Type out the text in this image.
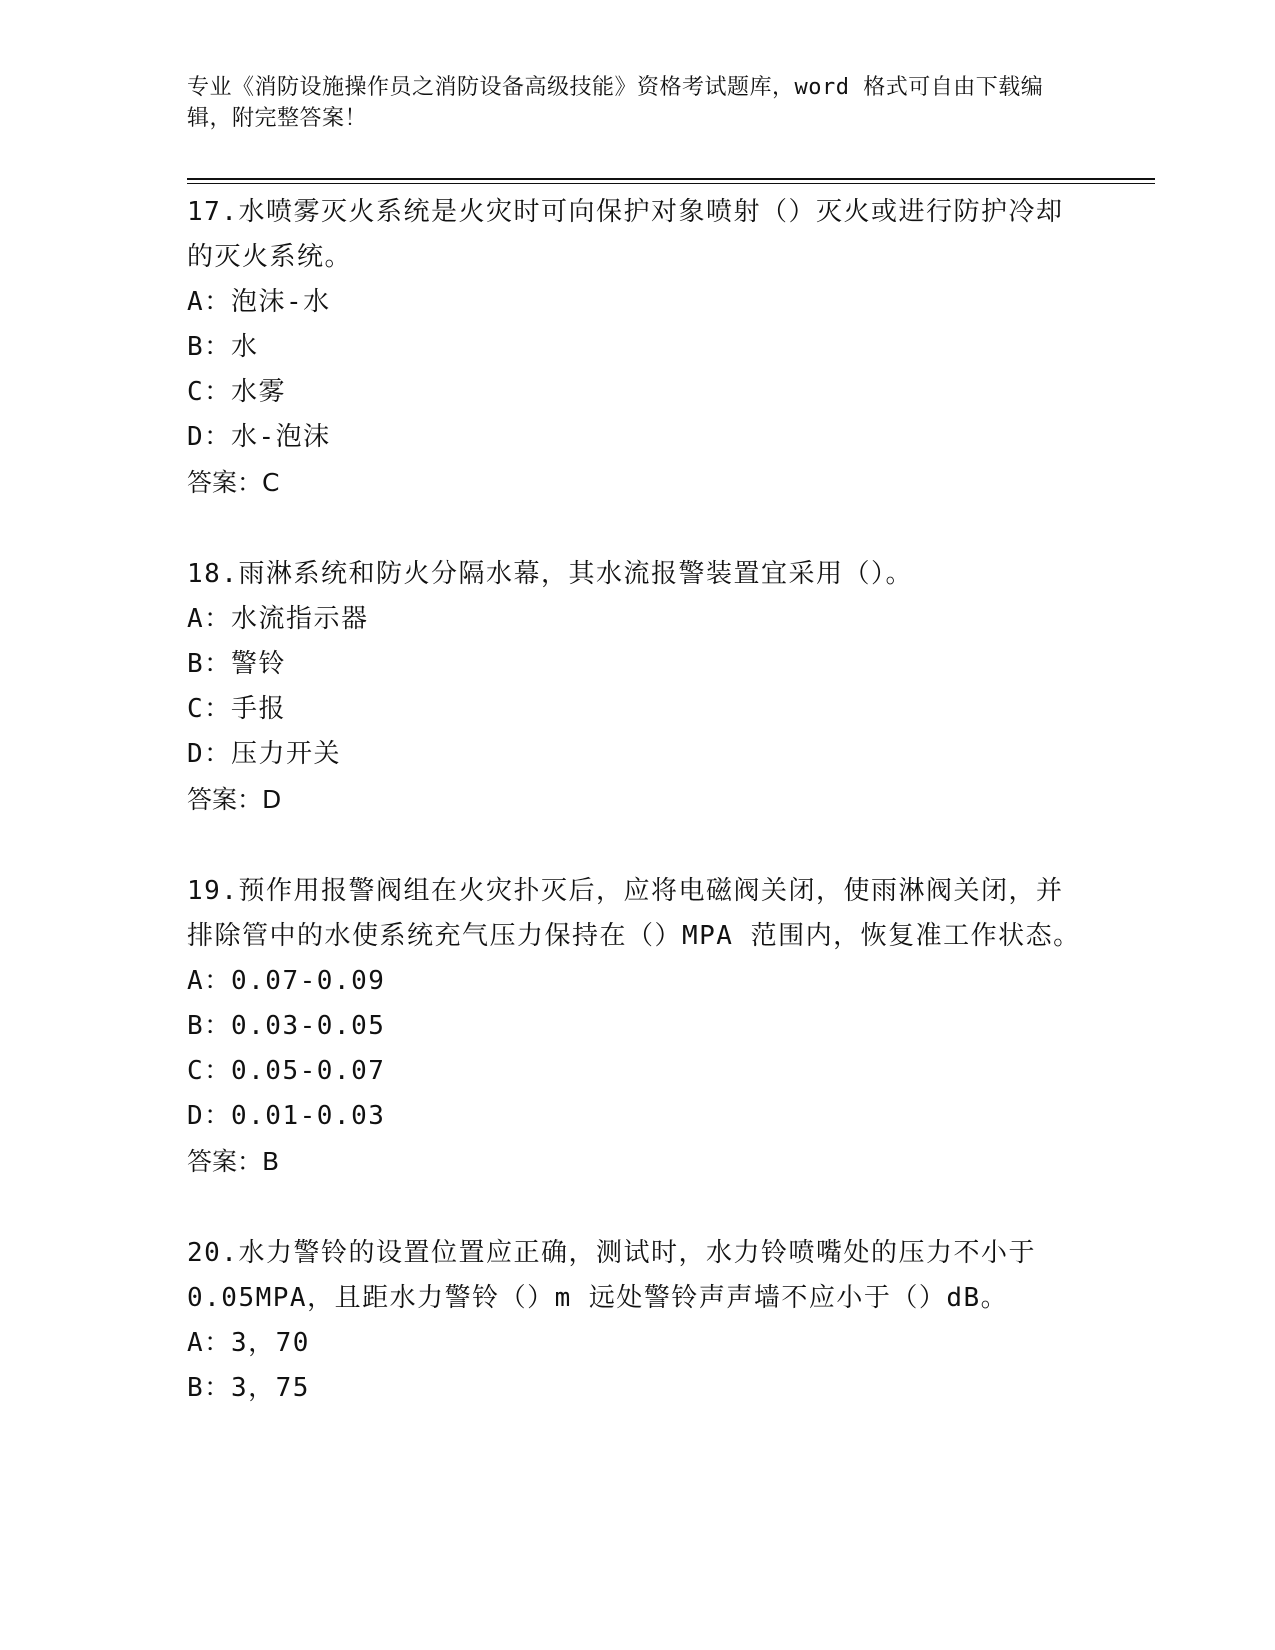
专业《消防设施操作员之消防设备高级技能》资格考试题库，word 格式可自由下载编辑，附完整答案！
17.水喷雾灭火系统是火灾时可向保护对象喷射（）灭火或进行防护冷却的灭火系统。
A：泡沫-水
B：水
C：水雾
D：水-泡沫
答案：C
18.雨淋系统和防火分隔水幕，其水流报警装置宜采用（）。
A：水流指示器
B：警铃
C：手报
D：压力开关
答案：D
19.预作用报警阀组在火灾扑灭后，应将电磁阀关闭，使雨淋阀关闭，并排除管中的水使系统充气压力保持在（）MPA 范围内，恢复准工作状态。
A：0.07-0.09
B：0.03-0.05
C：0.05-0.07
D：0.01-0.03
答案：B
20.水力警铃的设置位置应正确，测试时，水力铃喷嘴处的压力不小于0.05MPA，且距水力警铃（）m 远处警铃声声墙不应小于（）dB。
A：3，70
B：3，75
